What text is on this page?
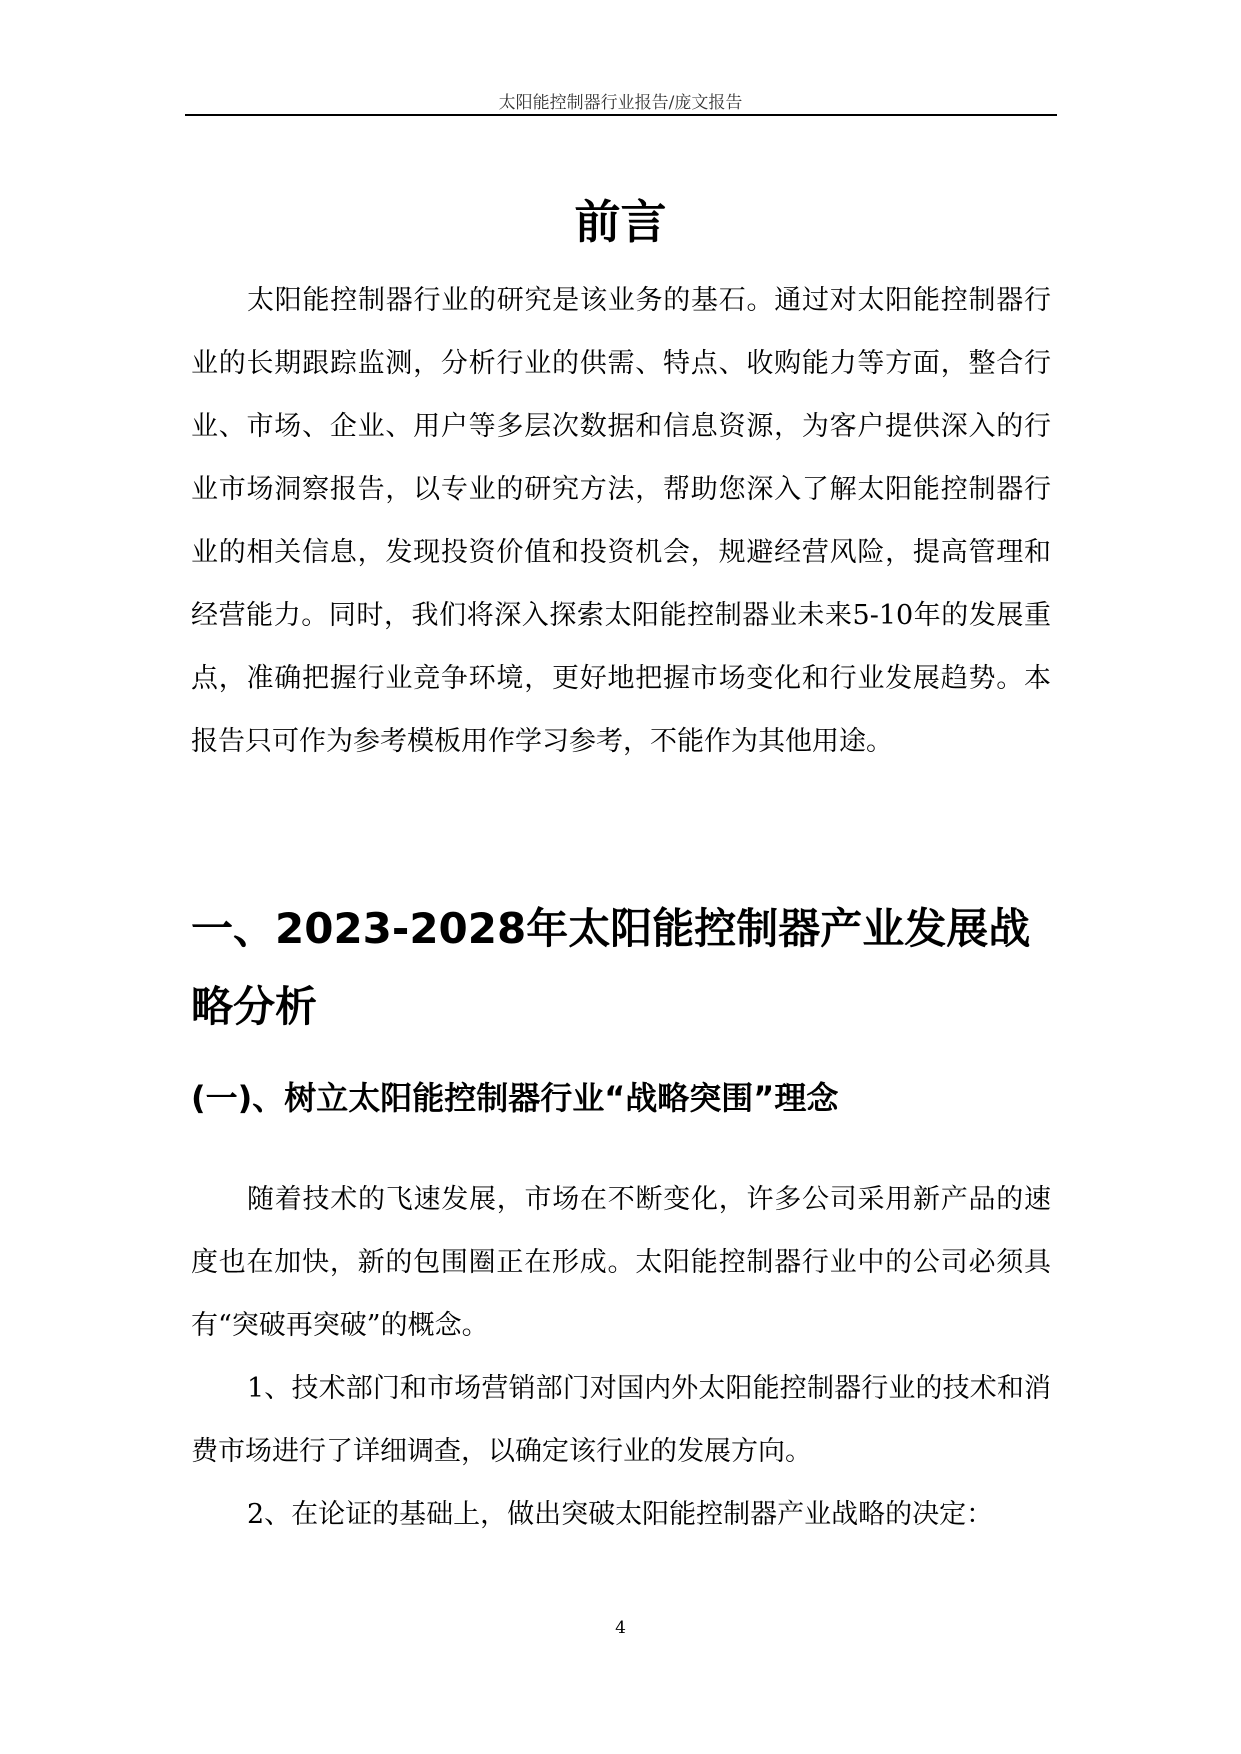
太阳能控制器行业报告/庞文报告
前言

太阳能控制器行业的研究是该业务的基石。通过对太阳能控制器行业的长期跟踪监测，分析行业的供需、特点、收购能力等方面，整合行业、市场、企业、用户等多层次数据和信息资源，为客户提供深入的行业市场洞察报告，以专业的研究方法，帮助您深入了解太阳能控制器行业的相关信息，发现投资价值和投资机会，规避经营风险，提高管理和经营能力。同时，我们将深入探索太阳能控制器业未来5-10年的发展重点，准确把握行业竞争环境，更好地把握市场变化和行业发展趋势。本报告只可作为参考模板用作学习参考，不能作为其他用途。

一、2023-2028年太阳能控制器产业发展战略分析
(一)、树立太阳能控制器行业“战略突围”理念

随着技术的飞速发展，市场在不断变化，许多公司采用新产品的速度也在加快，新的包围圈正在形成。太阳能控制器行业中的公司必须具有“突破再突破”的概念。

1、技术部门和市场营销部门对国内外太阳能控制器行业的技术和消费市场进行了详细调查，以确定该行业的发展方向。

2、在论证的基础上，做出突破太阳能控制器产业战略的决定：

4
